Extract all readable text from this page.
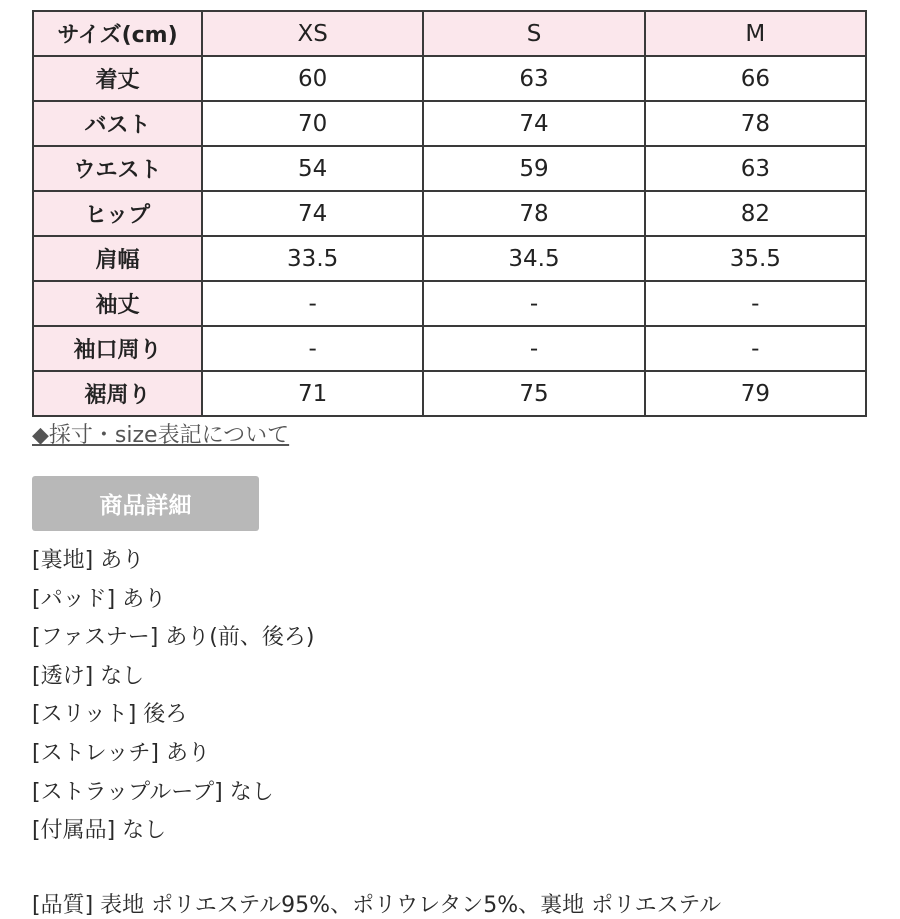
サイズ(cm)	XS	S	M
着丈	60	63	66
バスト	70	74	78
ウエスト	54	59	63
ヒップ	74	78	82
肩幅	33.5	34.5	35.5
袖丈	-	-	-
袖口周り	-	-	-
裾周り	71	75	79
◆採寸・size表記について
商品詳細
[裏地] あり
[パッド] あり
[ファスナー] あり(前、後ろ)
[透け] なし
[スリット] 後ろ
[ストレッチ] あり
[ストラップループ] なし
[付属品] なし
[品質] 表地 ポリエステル95%、ポリウレタン5%、裏地 ポリエステル
